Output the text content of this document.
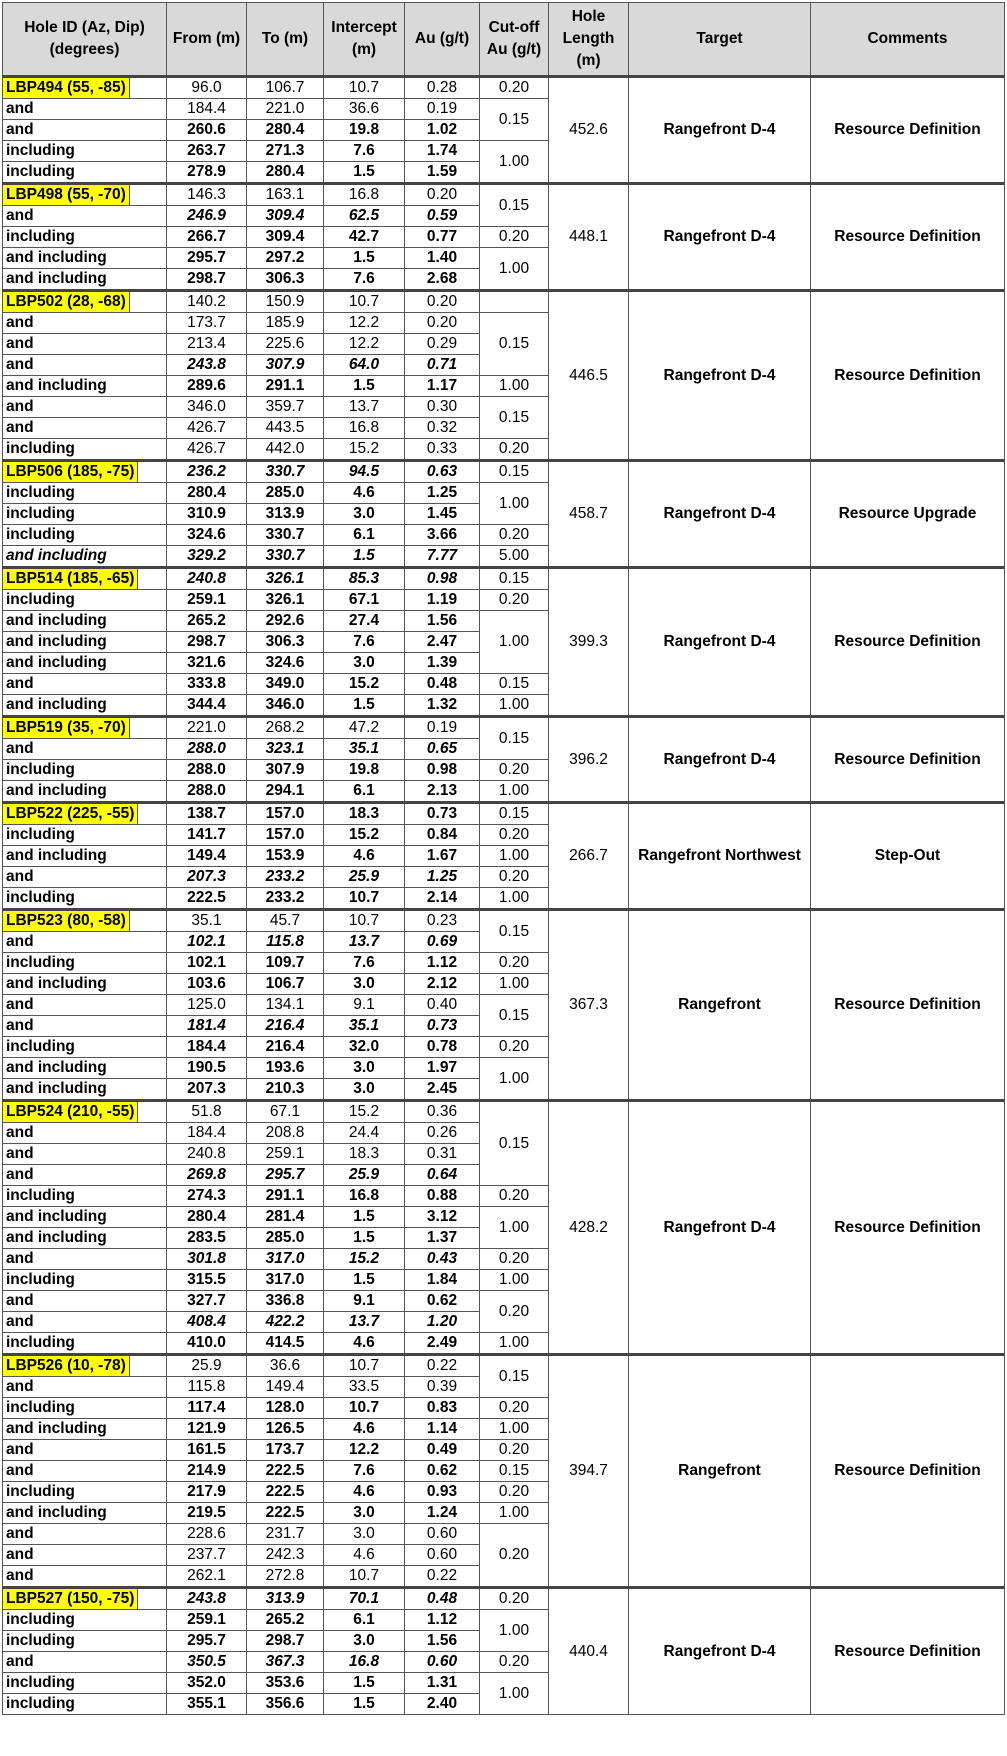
Hole ID (Az, Dip) (degrees)	From (m)	To (m)	Intercept (m)	Au (g/t)	Cut-off Au (g/t)	Hole Length (m)	Target	Comments
LBP494 (55, -85)	96.0	106.7	10.7	0.28	0.20	452.6	Rangefront D-4	Resource Definition
and	184.4	221.0	36.6	0.19	0.15			
and	260.6	280.4	19.8	1.02				
including	263.7	271.3	7.6	1.74	1.00			
including	278.9	280.4	1.5	1.59				
LBP498 (55, -70)	146.3	163.1	16.8	0.20	0.15	448.1	Rangefront D-4	Resource Definition
and	246.9	309.4	62.5	0.59				
including	266.7	309.4	42.7	0.77	0.20			
and including	295.7	297.2	1.5	1.40	1.00			
and including	298.7	306.3	7.6	2.68				
LBP502 (28, -68)	140.2	150.9	10.7	0.20		446.5	Rangefront D-4	Resource Definition
and	173.7	185.9	12.2	0.20	0.15			
and	213.4	225.6	12.2	0.29				
and	243.8	307.9	64.0	0.71				
and including	289.6	291.1	1.5	1.17	1.00			
and	346.0	359.7	13.7	0.30	0.15			
and	426.7	443.5	16.8	0.32				
including	426.7	442.0	15.2	0.33	0.20			
LBP506 (185, -75)	236.2	330.7	94.5	0.63	0.15	458.7	Rangefront D-4	Resource Upgrade
including	280.4	285.0	4.6	1.25	1.00			
including	310.9	313.9	3.0	1.45				
including	324.6	330.7	6.1	3.66	0.20			
and including	329.2	330.7	1.5	7.77	5.00			
LBP514 (185, -65)	240.8	326.1	85.3	0.98	0.15	399.3	Rangefront D-4	Resource Definition
including	259.1	326.1	67.1	1.19	0.20			
and including	265.2	292.6	27.4	1.56	1.00			
and including	298.7	306.3	7.6	2.47				
and including	321.6	324.6	3.0	1.39				
and	333.8	349.0	15.2	0.48	0.15			
and including	344.4	346.0	1.5	1.32	1.00			
LBP519 (35, -70)	221.0	268.2	47.2	0.19	0.15	396.2	Rangefront D-4	Resource Definition
and	288.0	323.1	35.1	0.65				
including	288.0	307.9	19.8	0.98	0.20			
and including	288.0	294.1	6.1	2.13	1.00			
LBP522 (225, -55)	138.7	157.0	18.3	0.73	0.15	266.7	Rangefront Northwest	Step-Out
including	141.7	157.0	15.2	0.84	0.20			
and including	149.4	153.9	4.6	1.67	1.00			
and	207.3	233.2	25.9	1.25	0.20			
including	222.5	233.2	10.7	2.14	1.00			
LBP523 (80, -58)	35.1	45.7	10.7	0.23	0.15	367.3	Rangefront	Resource Definition
and	102.1	115.8	13.7	0.69				
including	102.1	109.7	7.6	1.12	0.20			
and including	103.6	106.7	3.0	2.12	1.00			
and	125.0	134.1	9.1	0.40	0.15			
and	181.4	216.4	35.1	0.73				
including	184.4	216.4	32.0	0.78	0.20			
and including	190.5	193.6	3.0	1.97	1.00			
and including	207.3	210.3	3.0	2.45				
LBP524 (210, -55)	51.8	67.1	15.2	0.36	0.15	428.2	Rangefront D-4	Resource Definition
and	184.4	208.8	24.4	0.26				
and	240.8	259.1	18.3	0.31				
and	269.8	295.7	25.9	0.64				
including	274.3	291.1	16.8	0.88	0.20			
and including	280.4	281.4	1.5	3.12	1.00			
and including	283.5	285.0	1.5	1.37				
and	301.8	317.0	15.2	0.43	0.20			
including	315.5	317.0	1.5	1.84	1.00			
and	327.7	336.8	9.1	0.62	0.20			
and	408.4	422.2	13.7	1.20				
including	410.0	414.5	4.6	2.49	1.00			
LBP526 (10, -78)	25.9	36.6	10.7	0.22	0.15	394.7	Rangefront	Resource Definition
and	115.8	149.4	33.5	0.39				
including	117.4	128.0	10.7	0.83	0.20			
and including	121.9	126.5	4.6	1.14	1.00			
and	161.5	173.7	12.2	0.49	0.20			
and	214.9	222.5	7.6	0.62	0.15			
including	217.9	222.5	4.6	0.93	0.20			
and including	219.5	222.5	3.0	1.24	1.00			
and	228.6	231.7	3.0	0.60	0.20			
and	237.7	242.3	4.6	0.60				
and	262.1	272.8	10.7	0.22				
LBP527 (150, -75)	243.8	313.9	70.1	0.48	0.20	440.4	Rangefront D-4	Resource Definition
including	259.1	265.2	6.1	1.12	1.00			
including	295.7	298.7	3.0	1.56				
and	350.5	367.3	16.8	0.60	0.20			
including	352.0	353.6	1.5	1.31	1.00			
including	355.1	356.6	1.5	2.40				
